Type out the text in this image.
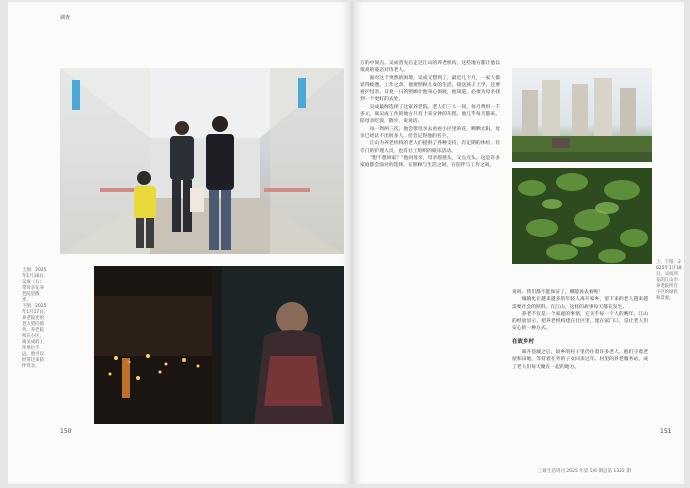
调查
上图：2025年1月18日，吴成（右）带母亲在养老院里散步。
下图：2025年1月17日，养老院里的老人望向窗外。养老院所在小区，离吴成的工作单位不远，他可以经常过来陪伴母亲。
150

万的中间点。吴成曾先后走过江山的养老机构，这些地方都让他以很高的姿态对待老人。

面对这个突然的困境，吴成又想到了，最近几个月，一家人都显得疲惫。工作之余，他要照顾儿女的生活，接送孩子上学，还要看护母亲。日复一日的照顾让他身心俱疲，他知道，必须为母亲找到一个更好的去处。

吴成最终选择了这家养老院。老人们三人一间，每月费用一千多元，离吴成工作的地方只有十来分钟的车程。他几乎每天都来，陪母亲吃饭、散步、说说话。

每一周两三次，他会带母亲去看看小区里的花，晒晒太阳。母亲已经认不出很多人，但会记得他的名字。

江山为养老机构的老人们提供了各种支持，有定期的体检、有专门的护理人员，也有社工组织的娱乐活动。

“想不想回家？”他问母亲，母亲摇摇头，又点点头。这是许多家庭都会面对的选择，在照顾与生活之间，在陪伴与工作之间。

上、下图：2025年1月18日，吴成所在的江山市养老院所在小区的绿化和景观。

说吗、我们都不能保证了，哪能再去看呢！

城镇化让越来越多的年轻人离开家乡，留下来的老人越来越需要社会的照料。在江山，这样的故事每天都在发生。

养老不仅是一个家庭的事情，它关乎每一个人的晚年。江山的经验显示，把养老机构建在社区里、建在家门口，是让老人们安心的一种方式。

在故乡村

离开县城之后，故乡的村子里仍住着许多老人。他们守着老屋和田地，等待着在外的子女回来过年。村里的养老服务站，成了老人们每天聚在一起的地方。

三联生活周刊 2025 年第 5/6 期总第 1322 期
151
